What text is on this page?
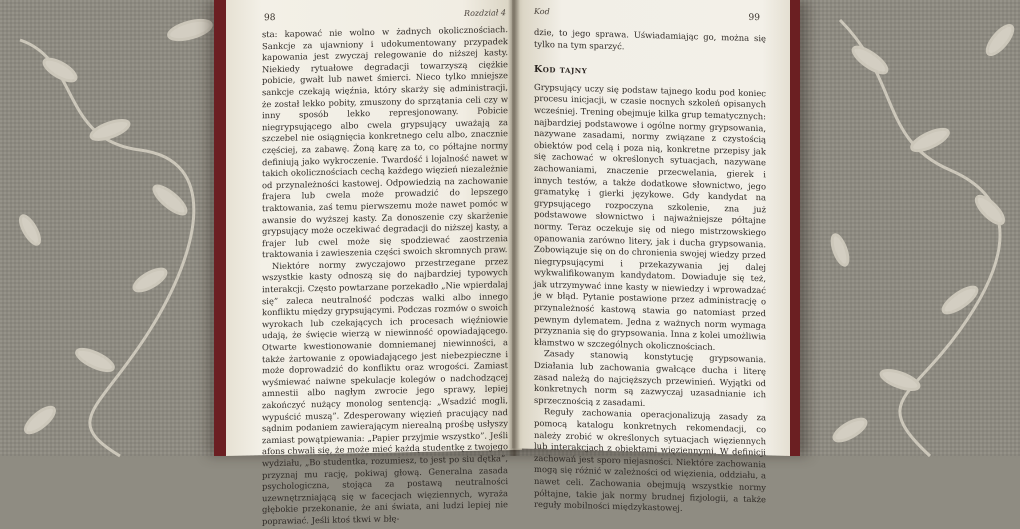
98	Rozdział 4

sta: kapować nie wolno w żadnych okolicznościach. Sankcje za ujawniony i udokumentowany przypadek kapowania jest zwyczaj relegowanie do niższej kasty. Niekiedy rytuałowe degradacji towarzyszą ciężkie pobicie, gwałt lub nawet śmierci. Nieco tylko mniejsze sankcje czekają więźnia, który skarży się administracji, że został lekko pobity, zmuszony do sprzątania celi czy w inny sposób lekko represjonowany. Pobicie niegrypsującego albo cwela grypsujący uważają za szczebel nie osiągnięcia konkretnego celu albo, znacznie częściej, za zabawę. Żoną karę za to, co półtajne normy definiują jako wykroczenie. Twardość i lojalność nawet w takich okolicznościach cechą każdego więzień niezależnie od przynależności kastowej. Odpowiedzią na zachowanie frajera lub cwela może prowadzić do lepszego traktowania, zaś temu pierwszemu może nawet pomóc w awansie do wyższej kasty. Za donoszenie czy skarżenie grypsujący może oczekiwać degradacji do niższej kasty, a frajer lub cwel może się spodziewać zaostrzenia traktowania i zawieszenia części swoich skromnych praw.

Niektóre normy zwyczajowo przestrzegane przez wszystkie kasty odnoszą się do najbardziej typowych interakcji. Często powtarzane porzekadło „Nie wpierdalaj się” zaleca neutralność podczas walki albo innego konfliktu między grypsującymi. Podczas rozmów o swoich wyrokach lub czekających ich procesach więźniowie udają, że święcie wierzą w niewinność opowiadającego. Otwarte kwestionowanie domniemanej niewinności, a także żartowanie z opowiadającego jest niebezpieczne i może doprowadzić do konfliktu oraz wrogości. Zamiast wyśmiewać naiwne spekulacje kolegów o nadchodzącej amnestii albo nagłym zwrocie jego sprawy, lepiej zakończyć nużący monolog sentencją: „Wsadzić mogli, wypuścić muszą”. Zdesperowany więzień pracujący nad sądnim podaniem zawierającym nierealną prośbę usłyszy zamiast powątpiewania: „Papier przyjmie wszystko”. Jeśli afons chwali się, że może mieć każdą studentkę z twojego wydziału, „Bo studentka, rozumiesz, to jest po siu dętka”, przyznaj mu rację, pokiwaj głową. Generalna zasada psychologiczna, stojąca za postawą neutralności uzewnętrzniającą się w facecjach więziennych, wyraża głębokie przekonanie, że ani świata, ani ludzi lepiej nie poprawiać. Jeśli ktoś tkwi w błę-

Kod
99

dzie, to jego sprawa. Uświadamiając go, można się tylko na tym sparzyć.

Kod tajny

Grypsujący uczy się podstaw tajnego kodu pod koniec procesu inicjacji, w czasie nocnych szkoleń opisanych wcześniej. Trening obejmuje kilka grup tematycznych: najbardziej podstawowe i ogólne normy grypsowania, nazywane zasadami, normy związane z czystością obiektów pod celą i poza nią, konkretne przepisy jak się zachować w określonych sytuacjach, nazywane zachowaniami, znaczenie przecwelania, gierek i innych testów, a także dodatkowe słownictwo, jego gramatykę i gierki językowe. Gdy kandydat na grypsującego rozpoczyna szkolenie, zna już podstawowe słownictwo i najważniejsze półtajne normy. Teraz oczekuje się od niego mistrzowskiego opanowania zarówno litery, jak i ducha grypsowania. Zobowiązuje się on do chronienia swojej wiedzy przed niegrypsującymi i przekazywania jej dalej wykwalifikowanym kandydatom. Dowiaduje się też, jak utrzymywać inne kasty w niewiedzy i wprowadzać je w błąd. Pytanie postawione przez administrację o przynależność kastową stawia go natomiast przed pewnym dylematem. Jedna z ważnych norm wymaga przyznania się do grypsowania. Inna z kolei umożliwia kłamstwo w szczególnych okolicznościach.

Zasady stanowią konstytucję grypsowania. Działania lub zachowania gwałcące ducha i literę zasad należą do najcięższych przewinień. Wyjątki od konkretnych norm są zazwyczaj uzasadnianie ich sprzecznością z zasadami.

Reguły zachowania operacjonalizują zasady za pomocą katalogu konkretnych rekomendacji, co należy zrobić w określonych sytuacjach więziennych lub interakcjach z obiektami więziennymi. W definicji zachowań jest sporo niejasności. Niektóre zachowania mogą się różnić w zależności od więzienia, oddziału, a nawet celi. Zachowania obejmują wszystkie normy półtajne, takie jak normy brudnej fizjologii, a także reguły mobilności międzykastowej.
